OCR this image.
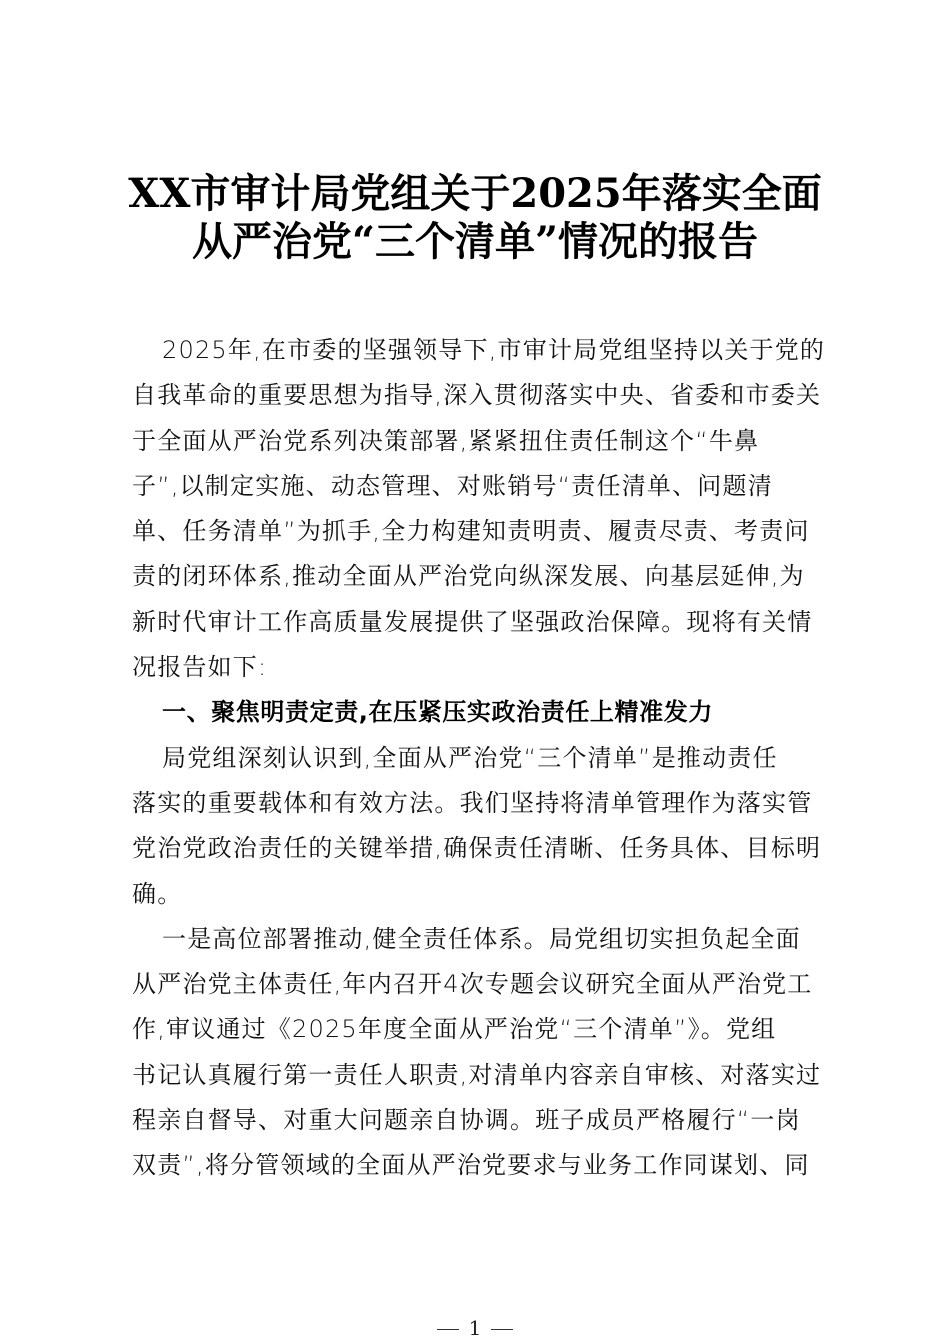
XX市审计局党组关于2025年落实全面
从严治党“三个清单”情况的报告
2025年,在市委的坚强领导下,市审计局党组坚持以关于党的
自我革命的重要思想为指导,深入贯彻落实中央、省委和市委关
于全面从严治党系列决策部署,紧紧扭住责任制这个“牛鼻
子”,以制定实施、动态管理、对账销号“责任清单、问题清
单、任务清单”为抓手,全力构建知责明责、履责尽责、考责问
责的闭环体系,推动全面从严治党向纵深发展、向基层延伸,为
新时代审计工作高质量发展提供了坚强政治保障。现将有关情
况报告如下:
一、聚焦明责定责,在压紧压实政治责任上精准发力
局党组深刻认识到,全面从严治党“三个清单”是推动责任
落实的重要载体和有效方法。我们坚持将清单管理作为落实管
党治党政治责任的关键举措,确保责任清晰、任务具体、目标明
确。
一是高位部署推动,健全责任体系。局党组切实担负起全面
从严治党主体责任,年内召开4次专题会议研究全面从严治党工
作,审议通过《2025年度全面从严治党“三个清单”》。党组
书记认真履行第一责任人职责,对清单内容亲自审核、对落实过
程亲自督导、对重大问题亲自协调。班子成员严格履行“一岗
双责”,将分管领域的全面从严治党要求与业务工作同谋划、同
1
